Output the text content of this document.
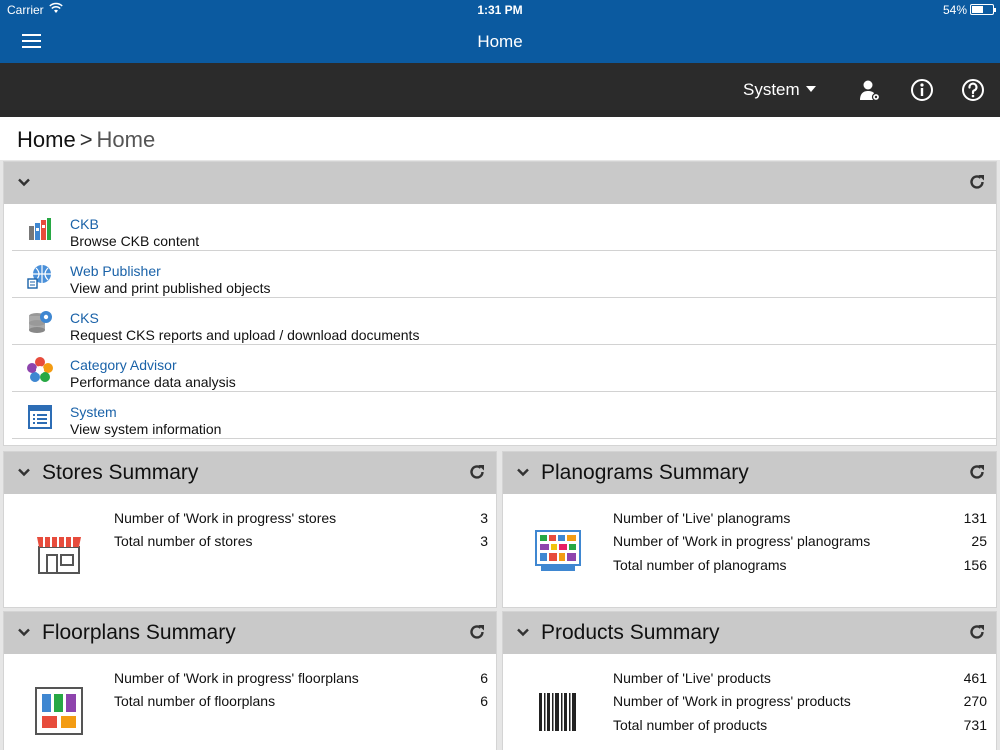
Carrier	1:31 PM	54%
Home
System
Home > Home
CKB
Browse CKB content
Web Publisher
View and print published objects
CKS
Request CKS reports and upload / download documents
Category Advisor
Performance data analysis
System
View system information
Stores Summary
Number of 'Work in progress' stores	3
Total number of stores	3
Planograms Summary
Number of 'Live' planograms	131
Number of 'Work in progress' planograms	25
Total number of planograms	156
Floorplans Summary
Number of 'Work in progress' floorplans	6
Total number of floorplans	6
Products Summary
Number of 'Live' products	461
Number of 'Work in progress' products	270
Total number of products	731
